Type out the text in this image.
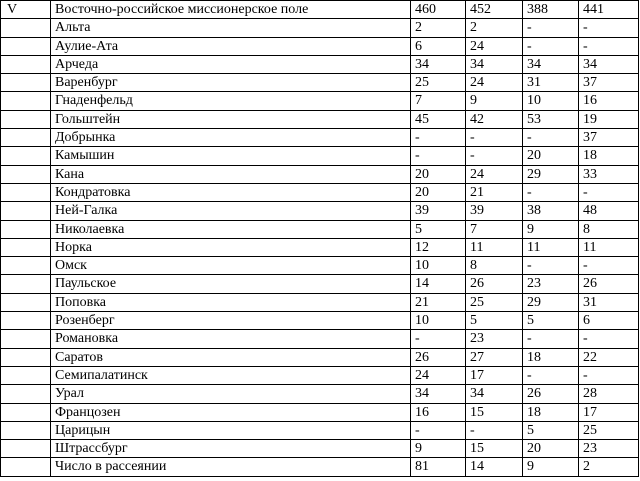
V	Восточно-российское миссионерское поле	460	452	388	441
	Альта	2	2	-	-
	Аулие-Ата	6	24	-	-
	Арчеда	34	34	34	34
	Варенбург	25	24	31	37
	Гнаденфельд	7	9	10	16
	Гольштейн	45	42	53	19
	Добрынка	-	-	-	37
	Камышин	-	-	20	18
	Кана	20	24	29	33
	Кондратовка	20	21	-	-
	Ней-Галка	39	39	38	48
	Николаевка	5	7	9	8
	Норка	12	11	11	11
	Омск	10	8	-	-
	Паульское	14	26	23	26
	Поповка	21	25	29	31
	Розенберг	10	5	5	6
	Романовка	-	23	-	-
	Саратов	26	27	18	22
	Семипалатинск	24	17	-	-
	Урал	34	34	26	28
	Францозен	16	15	18	17
	Царицын	-	-	5	25
	Штрассбург	9	15	20	23
	Число в рассеянии	81	14	9	2
